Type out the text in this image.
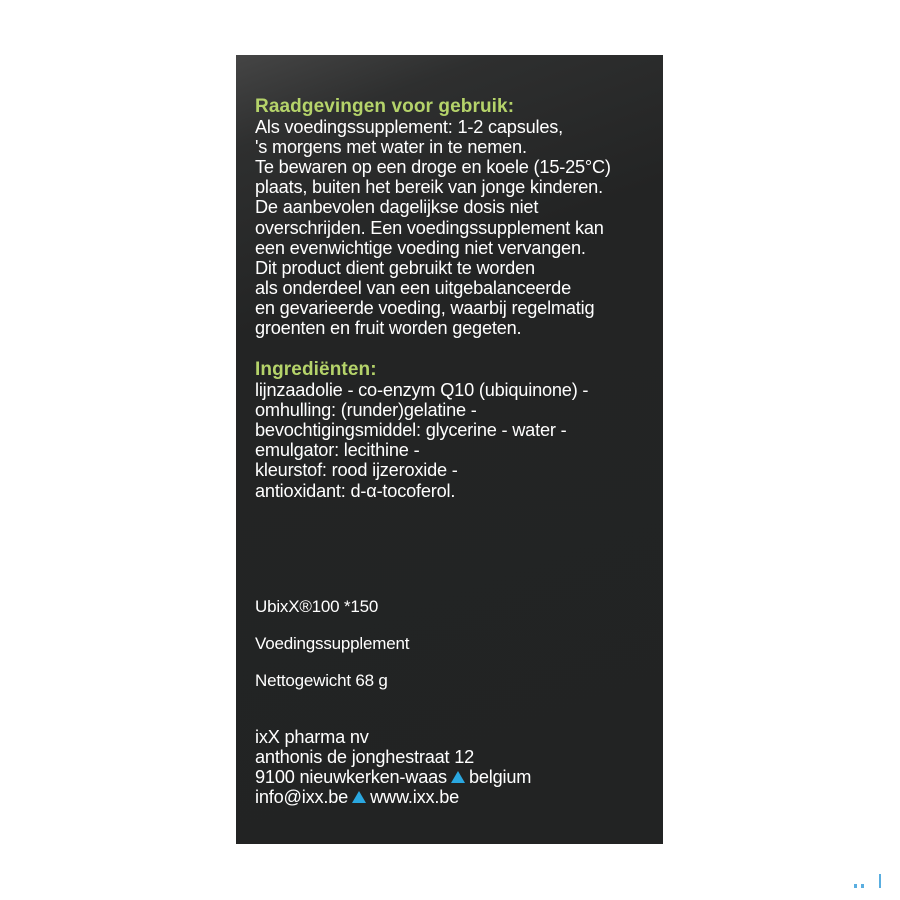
Raadgevingen voor gebruik:
Als voedingssupplement: 1-2 capsules,
's morgens met water in te nemen.
Te bewaren op een droge en koele (15-25°C)
plaats, buiten het bereik van jonge kinderen.
De aanbevolen dagelijkse dosis niet
overschrijden. Een voedingssupplement kan
een evenwichtige voeding niet vervangen.
Dit product dient gebruikt te worden
als onderdeel van een uitgebalanceerde
en gevarieerde voeding, waarbij regelmatig
groenten en fruit worden gegeten.
Ingrediënten:
lijnzaadolie - co-enzym Q10 (ubiquinone) -
omhulling: (runder)gelatine -
bevochtigingsmiddel: glycerine - water -
emulgator: lecithine -
kleurstof: rood ijzeroxide -
antioxidant: d-α-tocoferol.
UbixX®100 *150
Voedingssupplement
Nettogewicht 68 g
ixX pharma nv
anthonis de jonghestraat 12
9100 nieuwkerken-waas belgium
info@ixx.be www.ixx.be
